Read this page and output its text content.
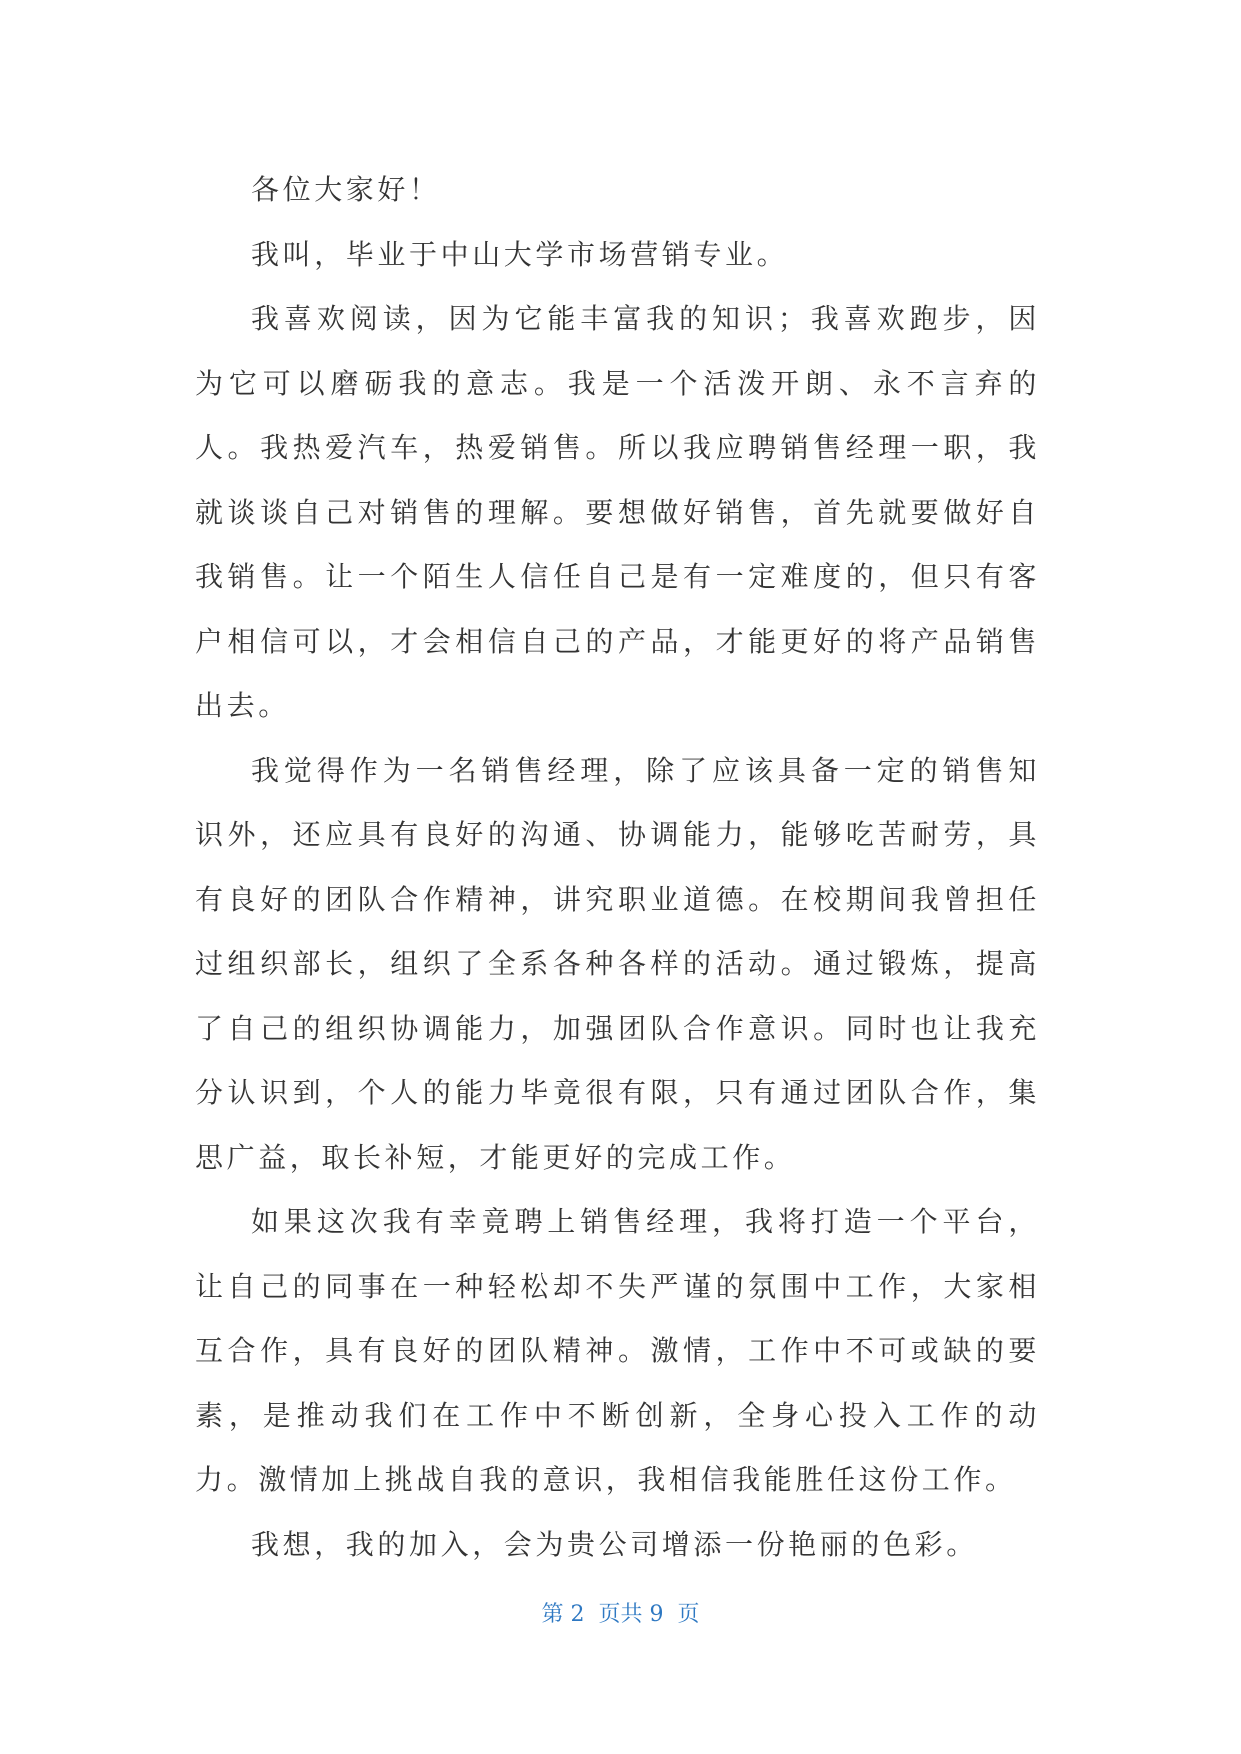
各位大家好！

我叫，毕业于中山大学市场营销专业。

我喜欢阅读，因为它能丰富我的知识；我喜欢跑步，因为它可以磨砺我的意志。我是一个活泼开朗、永不言弃的人。我热爱汽车，热爱销售。所以我应聘销售经理一职，我就谈谈自己对销售的理解。要想做好销售，首先就要做好自我销售。让一个陌生人信任自己是有一定难度的，但只有客户相信可以，才会相信自己的产品，才能更好的将产品销售出去。

我觉得作为一名销售经理，除了应该具备一定的销售知识外，还应具有良好的沟通、协调能力，能够吃苦耐劳，具有良好的团队合作精神，讲究职业道德。在校期间我曾担任过组织部长，组织了全系各种各样的活动。通过锻炼，提高了自己的组织协调能力，加强团队合作意识。同时也让我充分认识到，个人的能力毕竟很有限，只有通过团队合作，集思广益，取长补短，才能更好的完成工作。

如果这次我有幸竟聘上销售经理，我将打造一个平台，让自己的同事在一种轻松却不失严谨的氛围中工作，大家相互合作，具有良好的团队精神。激情，工作中不可或缺的要素，是推动我们在工作中不断创新，全身心投入工作的动力。激情加上挑战自我的意识，我相信我能胜任这份工作。

我想，我的加入，会为贵公司增添一份艳丽的色彩。

第 2  页共 9  页
